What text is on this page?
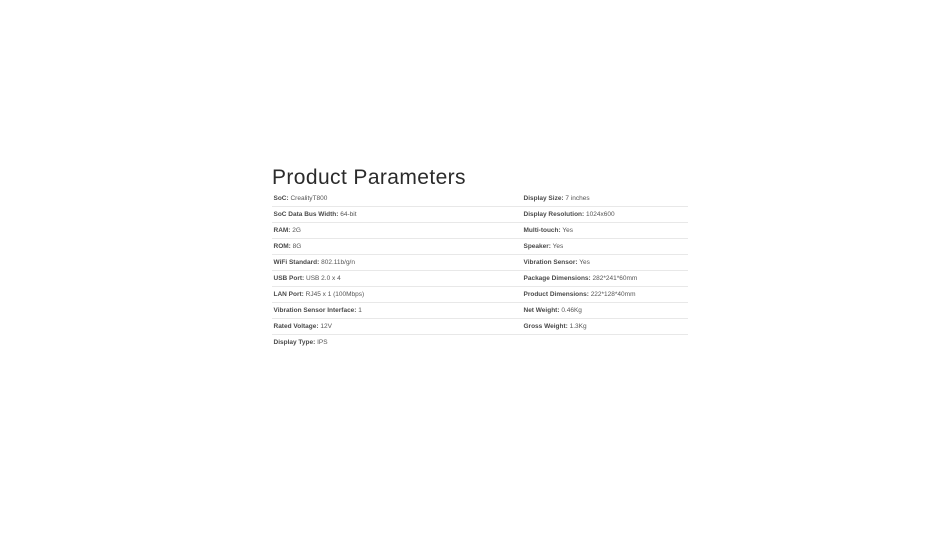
Product Parameters
SoC: CrealityT800
SoC Data Bus Width: 64-bit
RAM: 2G
ROM: 8G
WiFi Standard: 802.11b/g/n
USB Port: USB 2.0 x 4
LAN Port: RJ45 x 1 (100Mbps)
Vibration Sensor Interface: 1
Rated Voltage: 12V
Display Type: IPS
Display Size: 7 inches
Display Resolution: 1024x600
Multi-touch: Yes
Speaker: Yes
Vibration Sensor: Yes
Package Dimensions: 282*241*60mm
Product Dimensions: 222*128*40mm
Net Weight: 0.46Kg
Gross Weight: 1.3Kg
